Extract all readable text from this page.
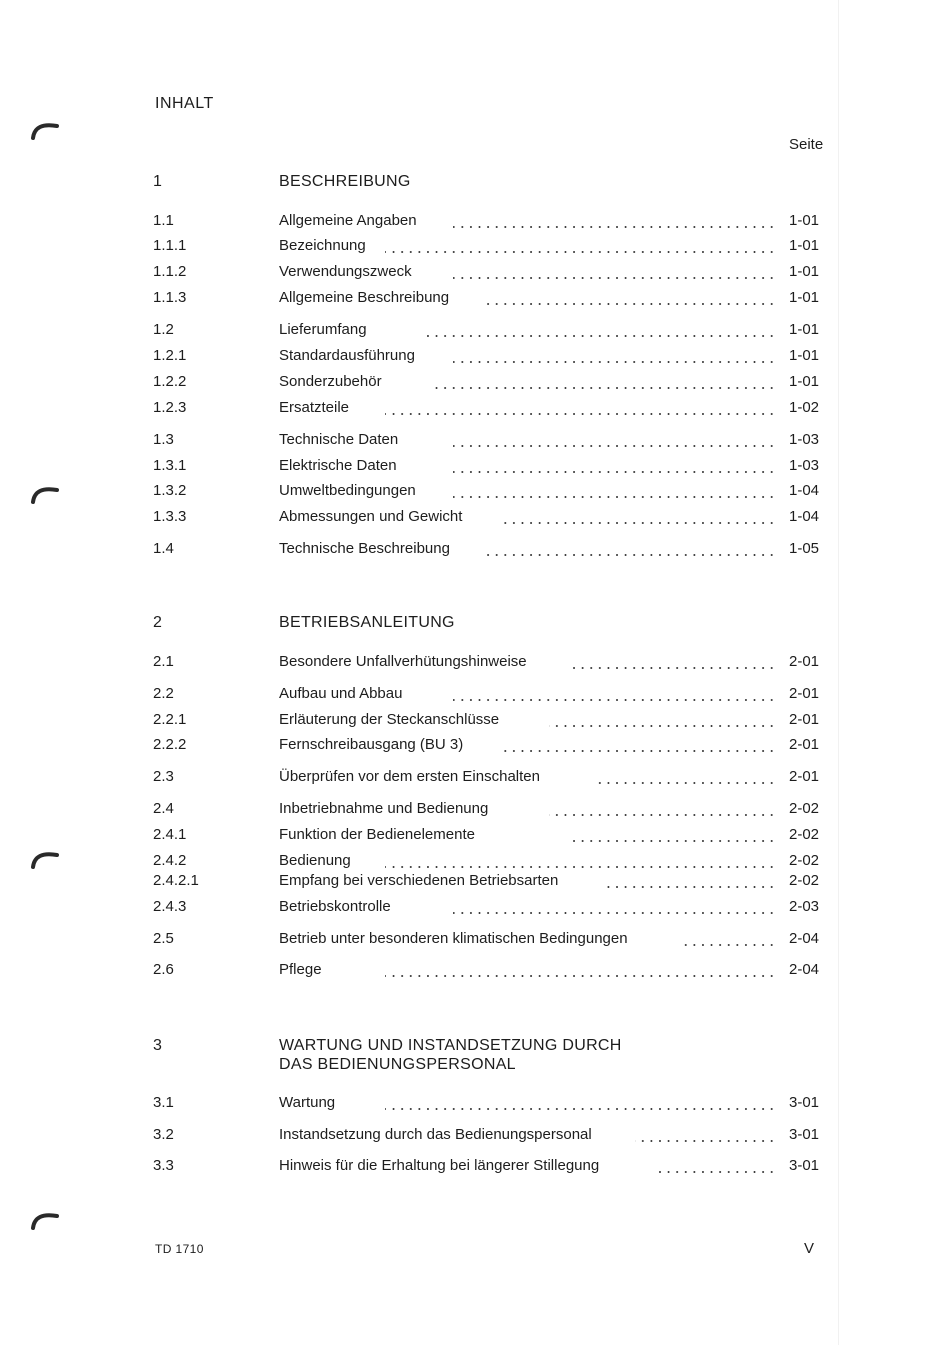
INHALT
Seite
1	BESCHREIBUNG
1.1	Allgemeine Angaben	1-01
1.1.1	Bezeichnung	1-01
1.1.2	Verwendungszweck	1-01
1.1.3	Allgemeine Beschreibung	1-01
1.2	Lieferumfang	1-01
1.2.1	Standardausführung	1-01
1.2.2	Sonderzubehör	1-01
1.2.3	Ersatzteile	1-02
1.3	Technische Daten	1-03
1.3.1	Elektrische Daten	1-03
1.3.2	Umweltbedingungen	1-04
1.3.3	Abmessungen und Gewicht	1-04
1.4	Technische Beschreibung	1-05
2	BETRIEBSANLEITUNG
2.1	Besondere Unfallverhütungshinweise	2-01
2.2	Aufbau und Abbau	2-01
2.2.1	Erläuterung der Steckanschlüsse	2-01
2.2.2	Fernschreibausgang (BU 3)	2-01
2.3	Überprüfen vor dem ersten Einschalten	2-01
2.4	Inbetriebnahme und Bedienung	2-02
2.4.1	Funktion der Bedienelemente	2-02
2.4.2	Bedienung	2-02
2.4.2.1	Empfang bei verschiedenen Betriebsarten	2-02
2.4.3	Betriebskontrolle	2-03
2.5	Betrieb unter besonderen klimatischen Bedingungen	2-04
2.6	Pflege	2-04
3	WARTUNG UND INSTANDSETZUNG DURCH
DAS BEDIENUNGSPERSONAL
3.1	Wartung	3-01
3.2	Instandsetzung durch das Bedienungspersonal	3-01
3.3	Hinweis für die Erhaltung bei längerer Stillegung	3-01
TD 1710	V
